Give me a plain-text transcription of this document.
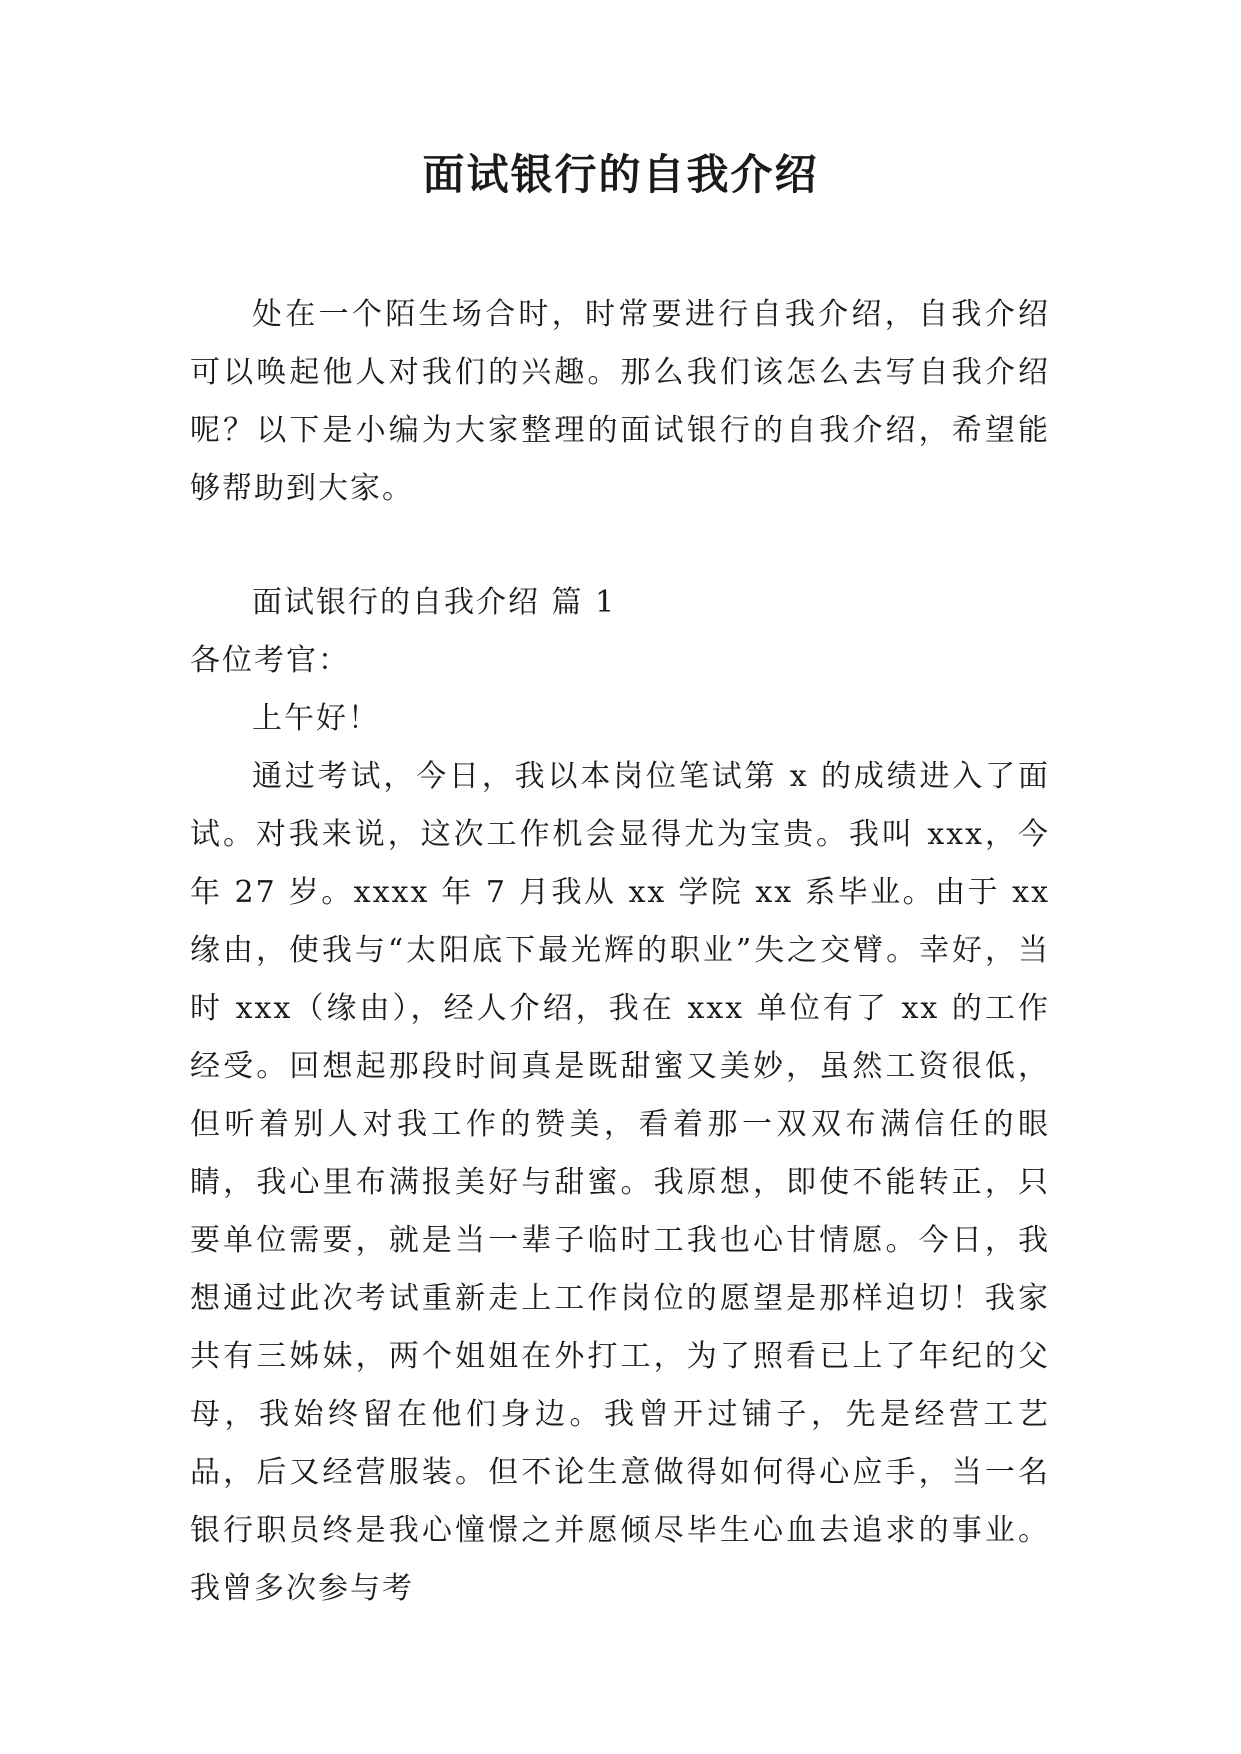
面试银行的自我介绍

处在一个陌生场合时，时常要进行自我介绍，自我介绍可以唤起他人对我们的兴趣。那么我们该怎么去写自我介绍呢？以下是小编为大家整理的面试银行的自我介绍，希望能够帮助到大家。

面试银行的自我介绍 篇 1

各位考官：

上午好！

通过考试，今日，我以本岗位笔试第 x 的成绩进入了面试。对我来说，这次工作机会显得尤为宝贵。我叫 xxx，今年 27 岁。xxxx 年 7 月我从 xx 学院 xx 系毕业。由于 xx 缘由，使我与“太阳底下最光辉的职业”失之交臂。幸好，当时 xxx（缘由），经人介绍，我在 xxx 单位有了 xx 的工作经受。回想起那段时间真是既甜蜜又美妙，虽然工资很低，但听着别人对我工作的赞美，看着那一双双布满信任的眼睛，我心里布满报美好与甜蜜。我原想，即使不能转正，只要单位需要，就是当一辈子临时工我也心甘情愿。今日，我想通过此次考试重新走上工作岗位的愿望是那样迫切！我家共有三姊妹，两个姐姐在外打工，为了照看已上了年纪的父母，我始终留在他们身边。我曾开过铺子，先是经营工艺品，后又经营服装。但不论生意做得如何得心应手，当一名银行职员终是我心憧憬之并愿倾尽毕生心血去追求的事业。我曾多次参与考
